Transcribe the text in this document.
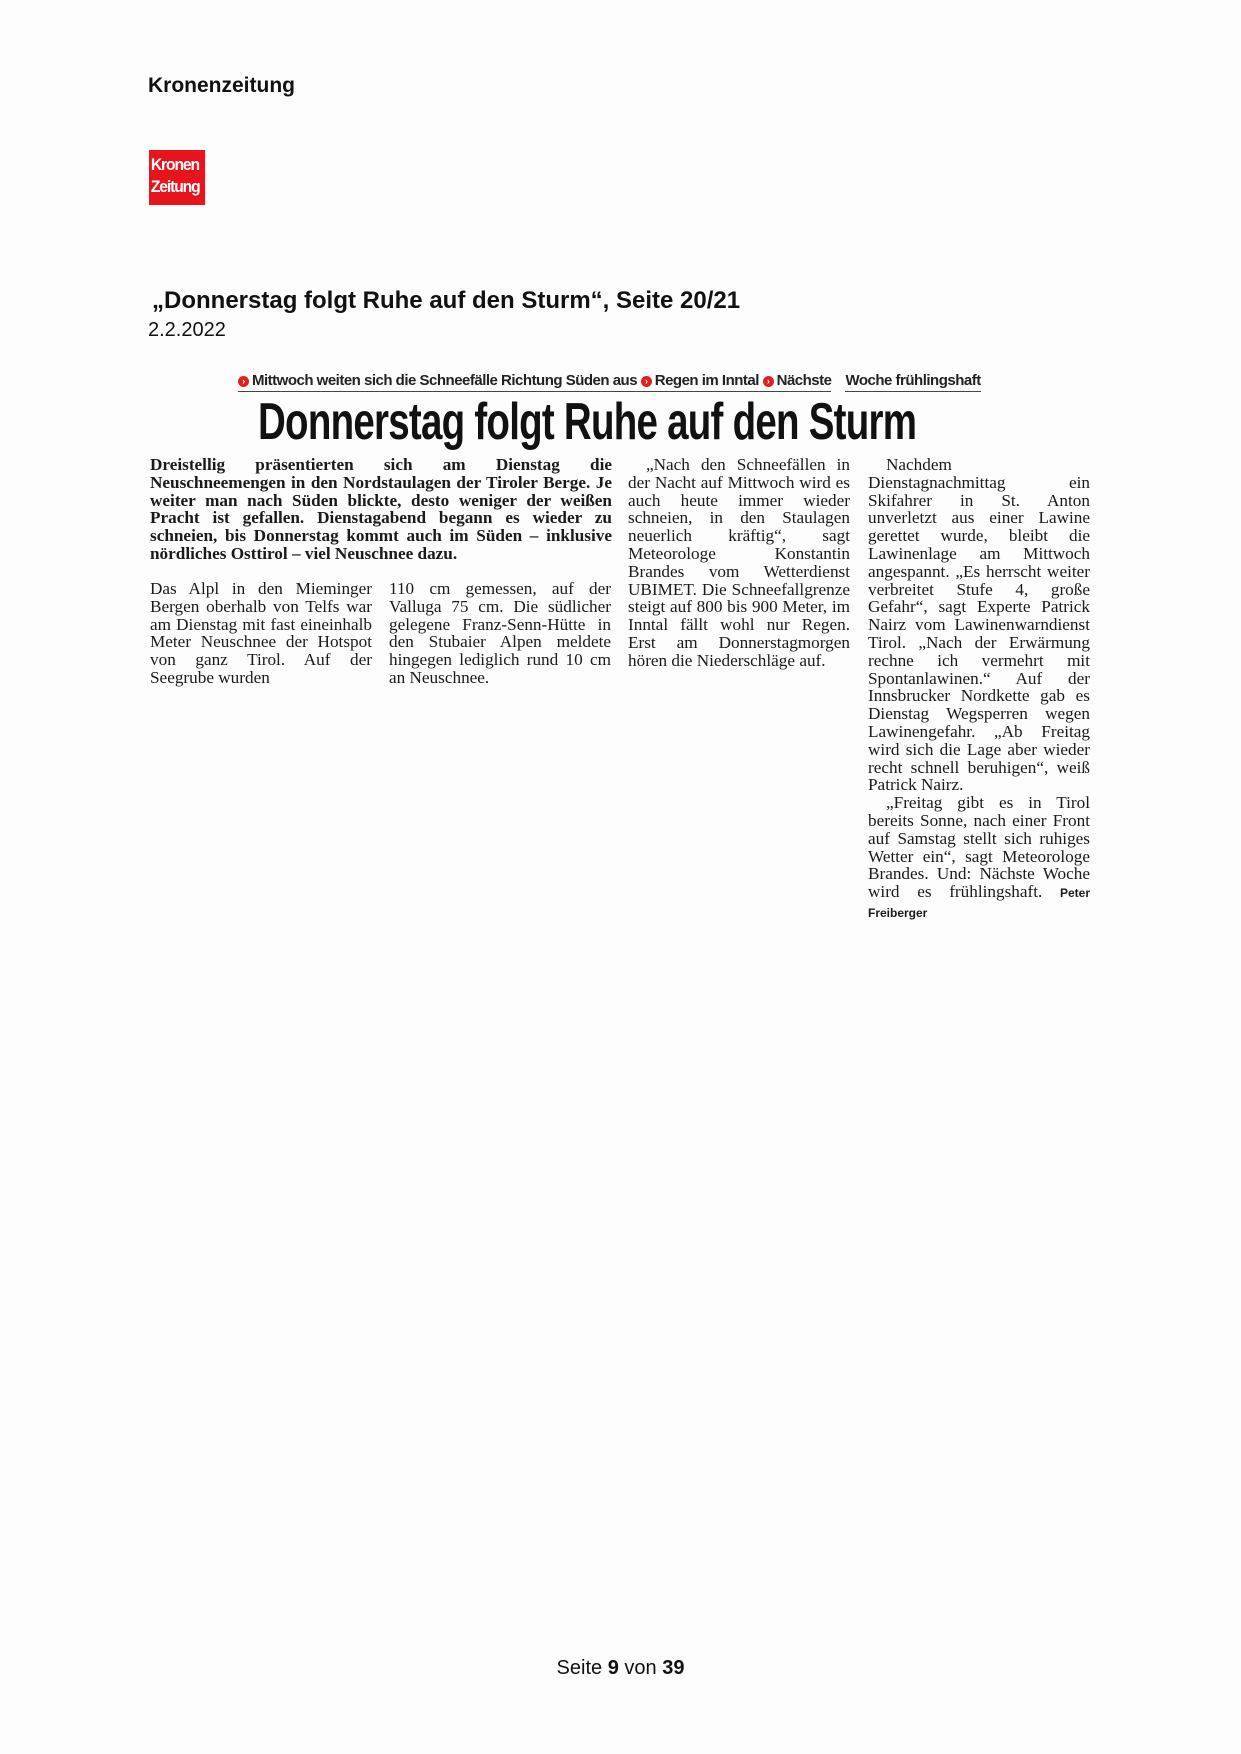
Kronenzeitung
Kronen
Zeitung
„Donnerstag folgt Ruhe auf den Sturm“, Seite 20/21
2.2.2022
› Mittwoch weiten sich die Schneefälle Richtung Süden aus › Regen im Inntal › Nächste Woche frühlingshaft
Donnerstag folgt Ruhe auf den Sturm

Dreistellig präsentierten sich am Dienstag die Neuschneemengen in den Nordstaulagen der Tiroler Berge. Je weiter man nach Süden blickte, desto weniger der weißen Pracht ist gefallen. Dienstagabend begann es wieder zu schneien, bis Donnerstag kommt auch im Süden – inklusive nördliches Osttirol – viel Neuschnee dazu.

Das Alpl in den Mieminger Bergen oberhalb von Telfs war am Dienstag mit fast eineinhalb Meter Neuschnee der Hotspot von ganz Tirol. Auf der Seegrube wurden

110 cm gemessen, auf der Valluga 75 cm. Die südlicher gelegene Franz-Senn-Hütte in den Stubaier Alpen meldete hingegen lediglich rund 10 cm an Neuschnee.

„Nach den Schneefällen in der Nacht auf Mittwoch wird es auch heute immer wieder schneien, in den Staulagen neuerlich kräftig“, sagt Meteorologe Konstantin Brandes vom Wetterdienst UBIMET. Die Schneefallgrenze steigt auf 800 bis 900 Meter, im Inntal fällt wohl nur Regen. Erst am Donnerstagmorgen hören die Niederschläge auf.

Nachdem Dienstagnachmittag ein Skifahrer in St. Anton unverletzt aus einer Lawine gerettet wurde, bleibt die Lawinenlage am Mittwoch angespannt. „Es herrscht weiter verbreitet Stufe 4, große Gefahr“, sagt Experte Patrick Nairz vom Lawinenwarndienst Tirol. „Nach der Erwärmung rechne ich vermehrt mit Spontanlawinen.“ Auf der Innsbrucker Nordkette gab es Dienstag Wegsperren wegen Lawinengefahr. „Ab Freitag wird sich die Lage aber wieder recht schnell beruhigen“, weiß Patrick Nairz.

„Freitag gibt es in Tirol bereits Sonne, nach einer Front auf Samstag stellt sich ruhiges Wetter ein“, sagt Meteorologe Brandes. Und: Nächste Woche wird es frühlingshaft. Peter Freiberger

Seite 9 von 39
